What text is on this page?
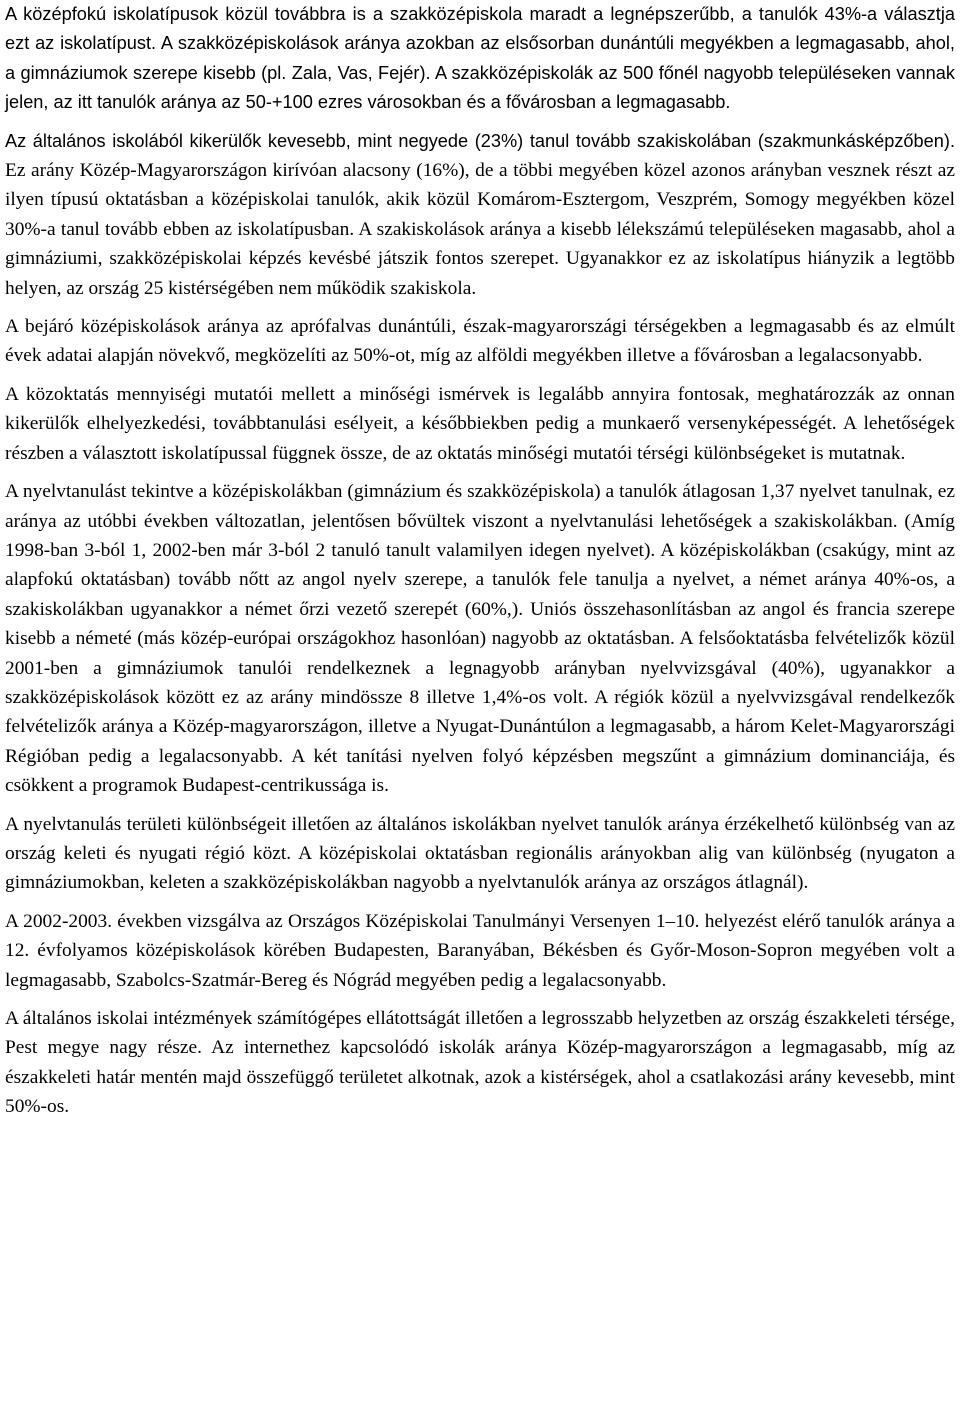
A középfokú iskolatípusok közül továbbra is a szakközépiskola maradt a legnépszerűbb, a tanulók 43%-a választja ezt az iskolatípust. A szakközépiskolások aránya azokban az elsősorban dunántúli megyékben a legmagasabb, ahol, a gimnáziumok szerepe kisebb (pl. Zala, Vas, Fejér). A szakközépiskolák az 500 főnél nagyobb településeken vannak jelen, az itt tanulók aránya az 50-+100 ezres városokban és a fővárosban a legmagasabb.

Az általános iskolából kikerülők kevesebb, mint negyede (23%) tanul tovább szakiskolában (szakmunkásképzőben). Ez arány Közép-Magyarországon kirívóan alacsony (16%), de a többi megyében közel azonos arányban vesznek részt az ilyen típusú oktatásban a középiskolai tanulók, akik közül Komárom-Esztergom, Veszprém, Somogy megyékben közel 30%-a tanul tovább ebben az iskolatípusban. A szakiskolások aránya a kisebb lélekszámú településeken magasabb, ahol a gimnáziumi, szakközépiskolai képzés kevésbé játszik fontos szerepet. Ugyanakkor ez az iskolatípus hiányzik a legtöbb helyen, az ország 25 kistérségében nem működik szakiskola.

A bejáró középiskolások aránya az aprófalvas dunántúli, észak-magyarországi térségekben a legmagasabb és az elmúlt évek adatai alapján növekvő, megközelíti az 50%-ot, míg az alföldi megyékben illetve a fővárosban a legalacsonyabb.

A közoktatás mennyiségi mutatói mellett a minőségi ismérvek is legalább annyira fontosak, meghatározzák az onnan kikerülők elhelyezkedési, továbbtanulási esélyeit, a későbbiekben pedig a munkaerő versenyképességét. A lehetőségek részben a választott iskolatípussal függnek össze, de az oktatás minőségi mutatói térségi különbségeket is mutatnak.

A nyelvtanulást tekintve a középiskolákban (gimnázium és szakközépiskola) a tanulók átlagosan 1,37 nyelvet tanulnak, ez aránya az utóbbi években változatlan, jelentősen bővültek viszont a nyelvtanulási lehetőségek a szakiskolákban. (Amíg 1998-ban 3-ból 1, 2002-ben már 3-ból 2 tanuló tanult valamilyen idegen nyelvet). A középiskolákban (csakúgy, mint az alapfokú oktatásban) tovább nőtt az angol nyelv szerepe, a tanulók fele tanulja a nyelvet, a német aránya 40%-os, a szakiskolákban ugyanakkor a német őrzi vezető szerepét (60%,). Uniós összehasonlításban az angol és francia szerepe kisebb a németé (más közép-európai országokhoz hasonlóan) nagyobb az oktatásban. A felsőoktatásba felvételizők közül 2001-ben a gimnáziumok tanulói rendelkeznek a legnagyobb arányban nyelvvizsgával (40%), ugyanakkor a szakközépiskolások között ez az arány mindössze 8 illetve 1,4%-os volt. A régiók közül a nyelvvizsgával rendelkezők felvételizők aránya a Közép-magyarországon, illetve a Nyugat-Dunántúlon a legmagasabb, a három Kelet-Magyarországi Régióban pedig a legalacsonyabb. A két tanítási nyelven folyó képzésben megszűnt a gimnázium dominanciája, és csökkent a programok Budapest-centrikussága is.

A nyelvtanulás területi különbségeit illetően az általános iskolákban nyelvet tanulók aránya érzékelhető különbség van az ország keleti és nyugati régió közt. A középiskolai oktatásban regionális arányokban alig van különbség (nyugaton a gimnáziumokban, keleten a szakközépiskolákban nagyobb a nyelvtanulók aránya az országos átlagnál).

A 2002-2003. években vizsgálva az Országos Középiskolai Tanulmányi Versenyen 1–10. helyezést elérő tanulók aránya a 12. évfolyamos középiskolások körében Budapesten, Baranyában, Békésben és Győr-Moson-Sopron megyében volt a legmagasabb, Szabolcs-Szatmár-Bereg és Nógrád megyében pedig a legalacsonyabb.

A általános iskolai intézmények számítógépes ellátottságát illetően a legrosszabb helyzetben az ország északkeleti térsége, Pest megye nagy része. Az internethez kapcsolódó iskolák aránya Közép-magyarországon a legmagasabb, míg az északkeleti határ mentén majd összefüggő területet alkotnak, azok a kistérségek, ahol a csatlakozási arány kevesebb, mint 50%-os.
